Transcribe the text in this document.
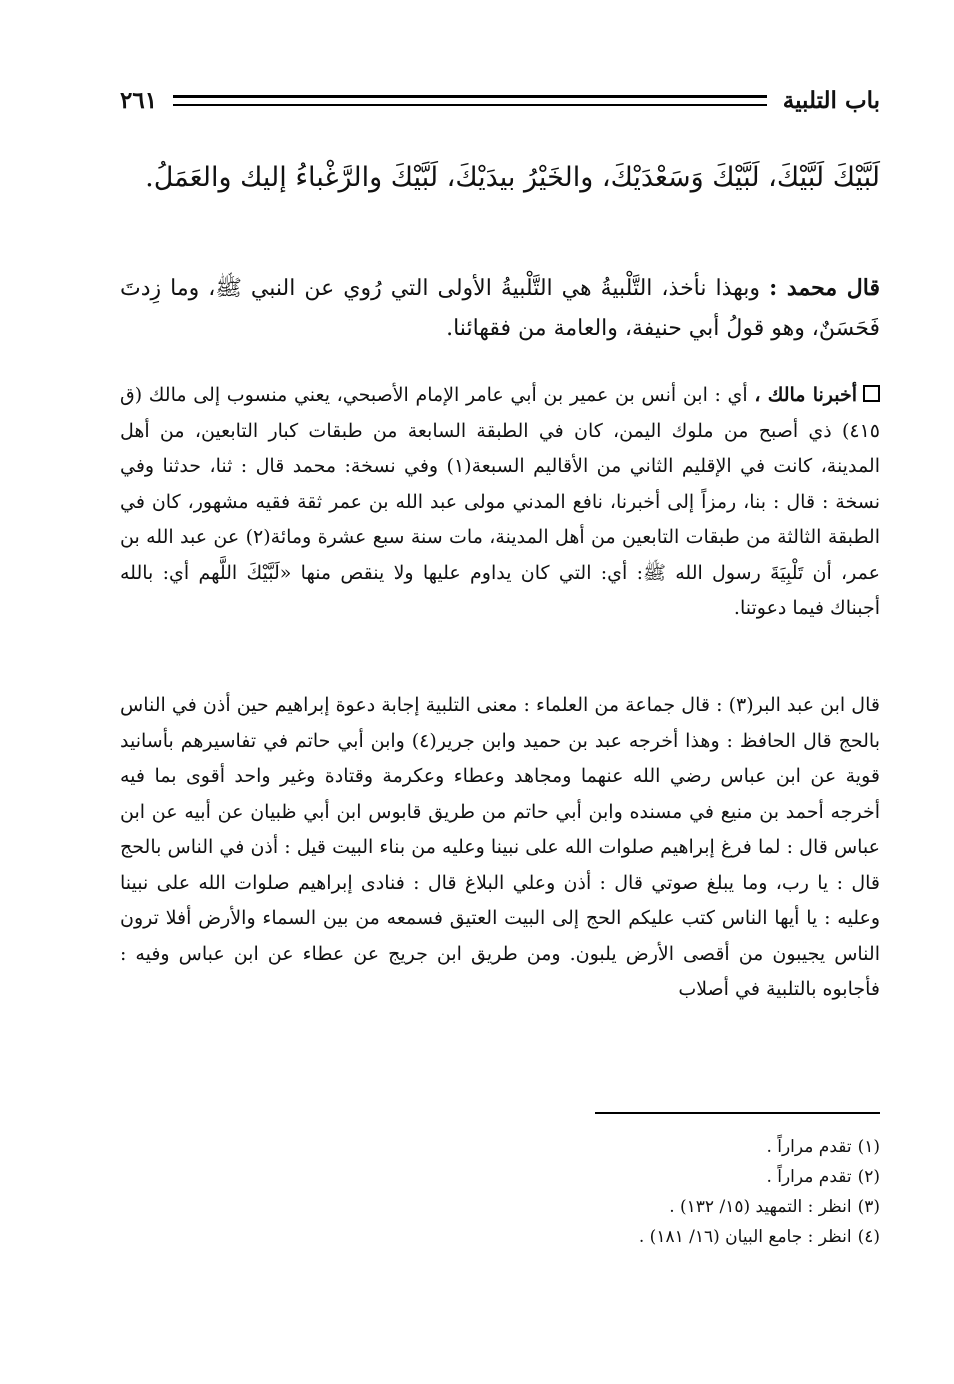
باب التلبية
٢٦١
لَبَّيْكَ لَبَّيْكَ، لَبَّيْكَ وَسَعْدَيْكَ، والخَيْرُ بيدَيْكَ، لَبَّيْكَ والرَّغْباءُ إليك والعَمَلُ.
قال محمد : وبهذا نأخذ، التَّلْبيةُ هي التَّلْبيةُ الأولى التي رُوي عن النبي ﷺ، وما زِدتَ فَحَسَنٌ، وهو قولُ أبي حنيفة، والعامة من فقهائنا.
أخبرنا مالك ، أي : ابن أنس بن عمير بن أبي عامر الإمام الأصبحي، يعني منسوب إلى مالك (ق ٤١٥) ذي أصبح من ملوك اليمن، كان في الطبقة السابعة من طبقات كبار التابعين، من أهل المدينة، كانت في الإقليم الثاني من الأقاليم السبعة(١) وفي نسخة: محمد قال : ثنا، حدثنا وفي نسخة : قال : بنا، رمزاً إلى أخبرنا، نافع المدني مولى عبد الله بن عمر ثقة فقيه مشهور، كان في الطبقة الثالثة من طبقات التابعين من أهل المدينة، مات سنة سبع عشرة ومائة(٢) عن عبد الله بن عمر، أن تَلْبِيَةَ رسول الله ﷺ: أي: التي كان يداوم عليها ولا ينقص منها «لَبَّيْكَ اللَّهم أي: بالله أجبناك فيما دعوتنا.
قال ابن عبد البر(٣) : قال جماعة من العلماء : معنى التلبية إجابة دعوة إبراهيم حين أذن في الناس بالحج قال الحافظ : وهذا أخرجه عبد بن حميد وابن جرير(٤) وابن أبي حاتم في تفاسيرهم بأسانيد قوية عن ابن عباس رضي الله عنهما ومجاهد وعطاء وعكرمة وقتادة وغير واحد أقوى بما فيه أخرجه أحمد بن منيع في مسنده وابن أبي حاتم من طريق قابوس ابن أبي ظبيان عن أبيه عن ابن عباس قال : لما فرغ إبراهيم صلوات الله على نبينا وعليه من بناء البيت قيل : أذن في الناس بالحج قال : يا رب، وما يبلغ صوتي قال : أذن وعلي البلاغ قال : فنادى إبراهيم صلوات الله على نبينا وعليه : يا أيها الناس كتب عليكم الحج إلى البيت العتيق فسمعه من بين السماء والأرض أفلا ترون الناس يجيبون من أقصى الأرض يلبون. ومن طريق ابن جريج عن عطاء عن ابن عباس وفيه : فأجابوه بالتلبية في أصلاب
(١)تقدم مراراً .
(٢)تقدم مراراً .
(٣)انظر : التمهيد (١٥/ ١٣٢) .
(٤)انظر : جامع البيان (١٦/ ١٨١) .
